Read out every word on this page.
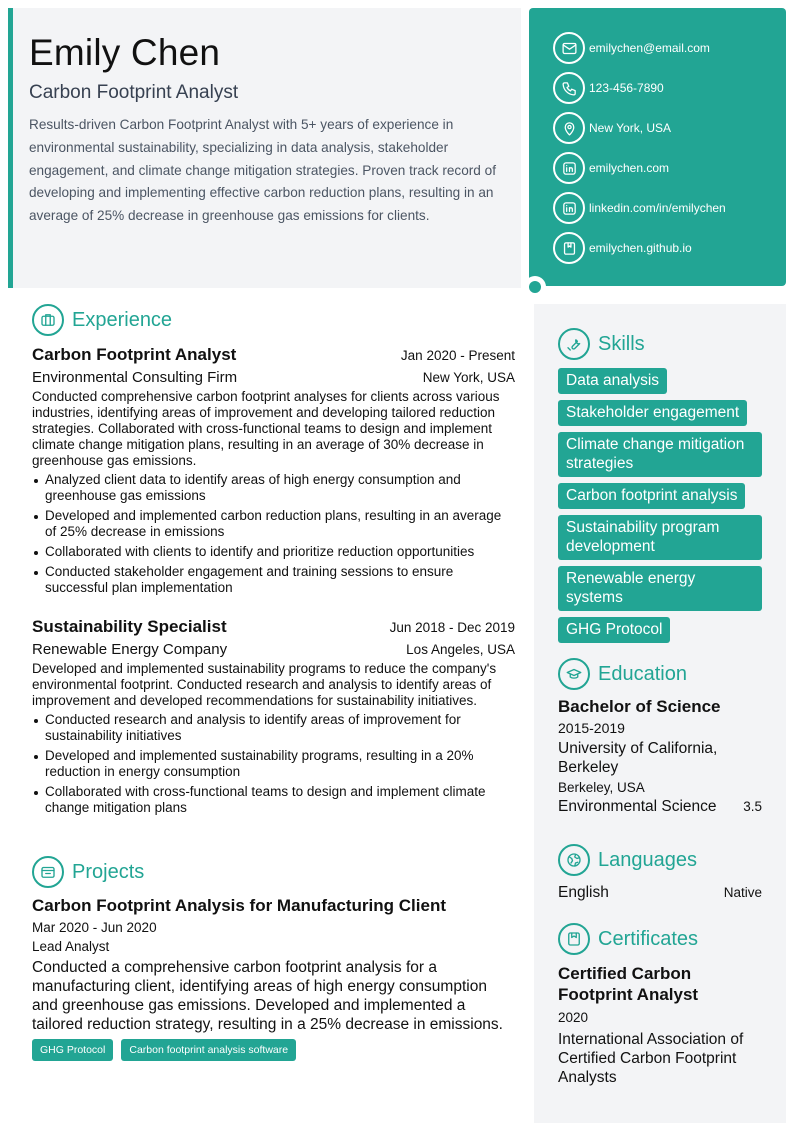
Emily Chen
Carbon Footprint Analyst
Results-driven Carbon Footprint Analyst with 5+ years of experience in environmental sustainability, specializing in data analysis, stakeholder engagement, and climate change mitigation strategies. Proven track record of developing and implementing effective carbon reduction plans, resulting in an average of 25% decrease in greenhouse gas emissions for clients.
emilychen@email.com
123-456-7890
New York, USA
emilychen.com
linkedin.com/in/emilychen
emilychen.github.io
Experience
Carbon Footprint Analyst	Jan 2020 - Present
Environmental Consulting Firm	New York, USA
Conducted comprehensive carbon footprint analyses for clients across various industries, identifying areas of improvement and developing tailored reduction strategies. Collaborated with cross-functional teams to design and implement climate change mitigation plans, resulting in an average of 30% decrease in greenhouse gas emissions.
Analyzed client data to identify areas of high energy consumption and greenhouse gas emissions
Developed and implemented carbon reduction plans, resulting in an average of 25% decrease in emissions
Collaborated with clients to identify and prioritize reduction opportunities
Conducted stakeholder engagement and training sessions to ensure successful plan implementation
Sustainability Specialist	Jun 2018 - Dec 2019
Renewable Energy Company	Los Angeles, USA
Developed and implemented sustainability programs to reduce the company's environmental footprint. Conducted research and analysis to identify areas of improvement and developed recommendations for sustainability initiatives.
Conducted research and analysis to identify areas of improvement for sustainability initiatives
Developed and implemented sustainability programs, resulting in a 20% reduction in energy consumption
Collaborated with cross-functional teams to design and implement climate change mitigation plans
Projects
Carbon Footprint Analysis for Manufacturing Client
Mar 2020 - Jun 2020
Lead Analyst
Conducted a comprehensive carbon footprint analysis for a manufacturing client, identifying areas of high energy consumption and greenhouse gas emissions. Developed and implemented a tailored reduction strategy, resulting in a 25% decrease in emissions.
GHG Protocol	Carbon footprint analysis software
Skills
Data analysis
Stakeholder engagement
Climate change mitigation strategies
Carbon footprint analysis
Sustainability program development
Renewable energy systems
GHG Protocol
Education
Bachelor of Science
2015-2019
University of California, Berkeley
Berkeley, USA
Environmental Science 3.5
Languages
English	Native
Certificates
Certified Carbon Footprint Analyst
2020
International Association of Certified Carbon Footprint Analysts
